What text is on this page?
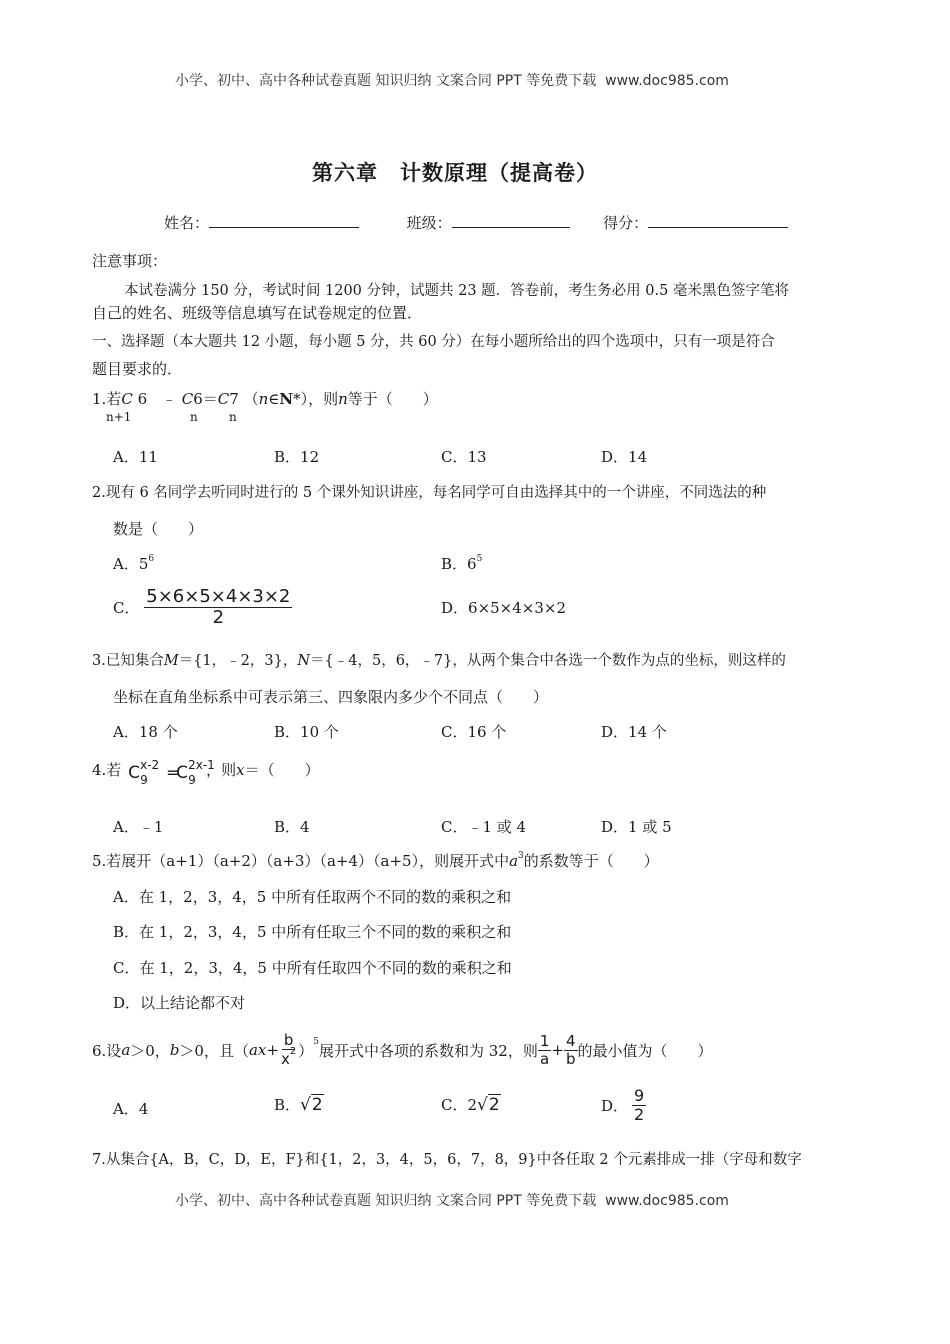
小学、初中、高中各种试卷真题 知识归纳 文案合同 PPT 等免费下载 www.doc985.com
第六章　计数原理（提高卷）
姓名：	班级：	得分：
注意事项：
本试卷满分 150 分，考试时间 1200 分钟，试题共 23 题．答卷前，考生务必用 0.5 毫米黑色签字笔将
自己的姓名、班级等信息填写在试卷规定的位置．
一、选择题（本大题共 12 小题，每小题 5 分，共 60 分）在每小题所给出的四个选项中，只有一项是符合
题目要求的．
1.若C 6 ﹣ C6＝C7 （n∈N*），则n等于（　　）
n+1	n	n
A．11	B．12	C．13	D．14
2.现有 6 名同学去听同时进行的 5 个课外知识讲座，每名同学可自由选择其中的一个讲座，不同选法的种
数是（　　）
A．$5^6$	B．$6^5$
C． $\frac{5\times 6\times 5\times 4\times 3\times 2}{2}$	D．6×5×4×3×2
3.已知集合M＝{1，﹣2，3}，N＝{﹣4，5，6，﹣7}，从两个集合中各选一个数作为点的坐标，则这样的
坐标在直角坐标系中可表示第三、四象限内多少个不同点（　　）
A．18 个	B．10 个	C．16 个	D．14 个
4.若 C x-2
9 =
C 2x-1
9
，则x＝（　　）
A．﹣1	B．4	C．﹣1 或 4	D．1 或 5
5.若展开（a+1）（a+2）（a+3）（a+4）（a+5），则展开式中$a^3$的系数等于（　　）
A．在 1，2，3，4，5 中所有任取两个不同的数的乘积之和
B．在 1，2，3，4，5 中所有任取三个不同的数的乘积之和
C．在 1，2，3，4，5 中所有任取四个不同的数的乘积之和
D．以上结论都不对
6.设 a ＞0， b ＞0，且（ ax + $\frac{b}{x^2} )^5$ 展开式中各项的系数和为 32，则 $\frac{1}{a} + \frac{4}{b}$ 的最小值为（　　）
A．4	B． √ 2	C．2 √ 2	D． $\frac{9}{2}$
7.从集合{A，B，C，D，E，F}和{1，2，3，4，5，6，7，8，9}中各任取 2 个元素排成一排（字母和数字
小学、初中、高中各种试卷真题 知识归纳 文案合同 PPT 等免费下载 www.doc985.com
